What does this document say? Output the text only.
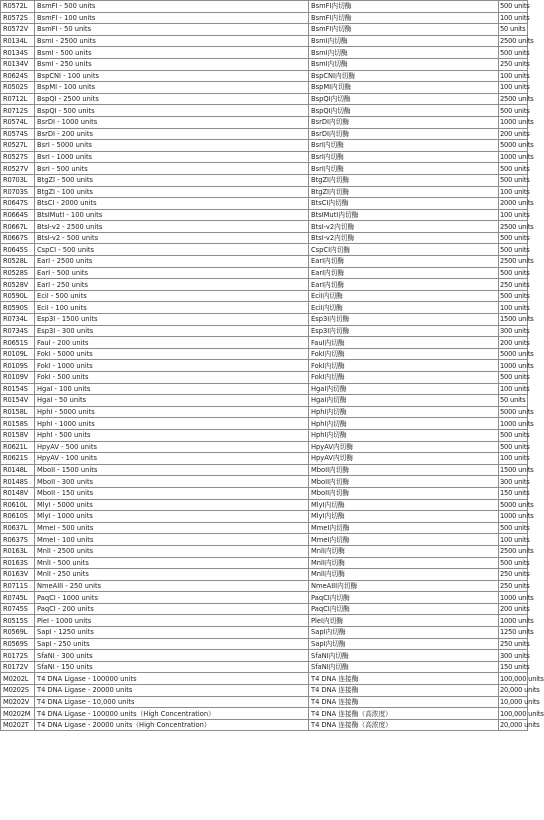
R0572L	BsmFI - 500 units	BsmFI内切酶	500 units
R0572S	BsmFI - 100 units	BsmFI内切酶	100 units
R0572V	BsmFI - 50 units	BsmFI内切酶	50 units
R0134L	BsmI - 2500 units	BsmI内切酶	2500 units
R0134S	BsmI - 500 units	BsmI内切酶	500 units
R0134V	BsmI - 250 units	BsmI内切酶	250 units
R0624S	BspCNI - 100 units	BspCNI内切酶	100 units
R0502S	BspMI - 100 units	BspMI内切酶	100 units
R0712L	BspQI - 2500 units	BspQI内切酶	2500 units
R0712S	BspQI - 500 units	BspQI内切酶	500 units
R0574L	BsrDI - 1000 units	BsrDI内切酶	1000 units
R0574S	BsrDI - 200 units	BsrDI内切酶	200 units
R0527L	BsrI - 5000 units	BsrI内切酶	5000 units
R0527S	BsrI - 1000 units	BsrI内切酶	1000 units
R0527V	BsrI - 500 units	BsrI内切酶	500 units
R0703L	BtgZI - 500 units	BtgZI内切酶	500 units
R0703S	BtgZI - 100 units	BtgZI内切酶	100 units
R0647S	BtsCI - 2000 units	BtsCI内切酶	2000 units
R0664S	BtsIMutI - 100 units	BtsIMutI内切酶	100 units
R0667L	BtsI-v2 - 2500 units	BtsI-v2内切酶	2500 units
R0667S	BtsI-v2 - 500 units	BtsI-v2内切酶	500 units
R0645S	CspCI - 500 units	CspCI内切酶	500 units
R0528L	EarI - 2500 units	EarI内切酶	2500 units
R0528S	EarI - 500 units	EarI内切酶	500 units
R0528V	EarI - 250 units	EarI内切酶	250 units
R0590L	EciI - 500 units	EciI内切酶	500 units
R0590S	EciI - 100 units	EciI内切酶	100 units
R0734L	Esp3I - 1500 units	Esp3I内切酶	1500 units
R0734S	Esp3I - 300 units	Esp3I内切酶	300 units
R0651S	FauI - 200 units	FauI内切酶	200 units
R0109L	FokI - 5000 units	FokI内切酶	5000 units
R0109S	FokI - 1000 units	FokI内切酶	1000 units
R0109V	FokI - 500 units	FokI内切酶	500 units
R0154S	HgaI - 100 units	HgaI内切酶	100 units
R0154V	HgaI - 50 units	HgaI内切酶	50 units
R0158L	HphI - 5000 units	HphI内切酶	5000 units
R0158S	HphI - 1000 units	HphI内切酶	1000 units
R0158V	HphI - 500 units	HphI内切酶	500 units
R0621L	HpyAV - 500 units	HpyAV内切酶	500 units
R0621S	HpyAV - 100 units	HpyAV内切酶	100 units
R0148L	MboII - 1500 units	MboII内切酶	1500 units
R0148S	MboII - 300 units	MboII内切酶	300 units
R0148V	MboII - 150 units	MboII内切酶	150 units
R0610L	MlyI - 5000 units	MlyI内切酶	5000 units
R0610S	MlyI - 1000 units	MlyI内切酶	1000 units
R0637L	MmeI - 500 units	MmeI内切酶	500 units
R0637S	MmeI - 100 units	MmeI内切酶	100 units
R0163L	MnlI - 2500 units	MnlI内切酶	2500 units
R0163S	MnlI - 500 units	MnlI内切酶	500 units
R0163V	MnlI - 250 units	MnlI内切酶	250 units
R0711S	NmeAIII - 250 units	NmeAIII内切酶	250 units
R0745L	PaqCI - 1000 units	PaqCI内切酶	1000 units
R0745S	PaqCI - 200 units	PaqCI内切酶	200 units
R0515S	PleI - 1000 units	PleI内切酶	1000 units
R0569L	SapI - 1250 units	SapI内切酶	1250 units
R0569S	SapI - 250 units	SapI内切酶	250 units
R0172S	SfaNI - 300 units	SfaNI内切酶	300 units
R0172V	SfaNI - 150 units	SfaNI内切酶	150 units
M0202L	T4 DNA Ligase - 100000 units	T4 DNA 连接酶	100,000 units
M0202S	T4 DNA Ligase - 20000 units	T4 DNA 连接酶	20,000 units
M0202V	T4 DNA Ligase - 10,000 units	T4 DNA 连接酶	10,000 units
M0202M	T4 DNA Ligase - 100000 units（High Concentration）	T4 DNA 连接酶（高浓度）	100,000 units
M0202T	T4 DNA Ligase - 20000 units（High Concentration）	T4 DNA 连接酶（高浓度）	20,000 units
